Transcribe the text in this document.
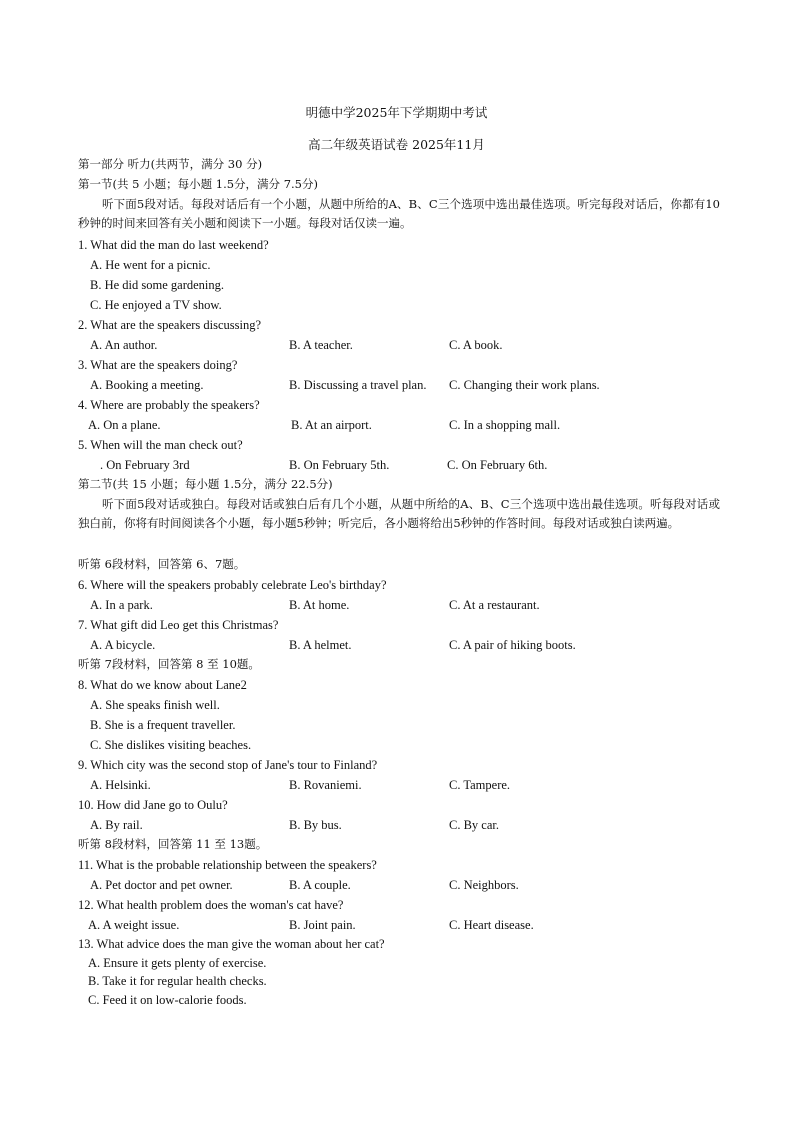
明德中学2025年下学期期中考试
高二年级英语试卷 2025年11月
第一部分 听力(共两节，满分 30 分)
第一节(共 5 小题；每小题 1.5分，满分 7.5分)
听下面5段对话。每段对话后有一个小题，从题中所给的A、B、C三个选项中选出最佳选项。听完每段对话后，你都有10秒钟的时间来回答有关小题和阅读下一小题。每段对话仅读一遍。
1. What did the man do last weekend?
A. He went for a picnic.
B. He did some gardening.
C. He enjoyed a TV show.
2. What are the speakers discussing?
A. An author.	B. A teacher.	C. A book.
3. What are the speakers doing?
A. Booking a meeting.	B. Discussing a travel plan. C. Changing their work plans.
4. Where are probably the speakers?
A. On a plane.	B. At an airport.	C. In a shopping mall.
5. When will the man check out?
. On February 3rd	B. On February 5th.	C. On February 6th.
第二节(共 15 小题；每小题 1.5分，满分 22.5分)
听下面5段对话或独白。每段对话或独白后有几个小题，从题中所给的A、B、C三个选项中选出最佳选项。听每段对话或独白前，你将有时间阅读各个小题，每小题5秒钟；听完后，各小题将给出5秒钟的作答时间。每段对话或独白读两遍。
听第 6段材料，回答第 6、7题。
6. Where will the speakers probably celebrate Leo's birthday?
A. In a park.	B. At home.	C. At a restaurant.
7. What gift did Leo get this Christmas?
A. A bicycle.	B. A helmet.	C. A pair of hiking boots.
听第 7段材料，回答第 8 至 10题。
8. What do we know about Lane2
A. She speaks finish well.
B. She is a frequent traveller.
C. She dislikes visiting beaches.
9. Which city was the second stop of Jane's tour to Finland?
A. Helsinki.	B. Rovaniemi.	C. Tampere.
10. How did Jane go to Oulu?
A. By rail.	B. By bus.	C. By car.
听第 8段材料，回答第 11 至 13题。
11. What is the probable relationship between the speakers?
A. Pet doctor and pet owner.	B. A couple.	C. Neighbors.
12. What health problem does the woman's cat have?
A. A weight issue.	B. Joint pain.	C. Heart disease.
13. What advice does the man give the woman about her cat?
A. Ensure it gets plenty of exercise.
B. Take it for regular health checks.
C. Feed it on low-calorie foods.
